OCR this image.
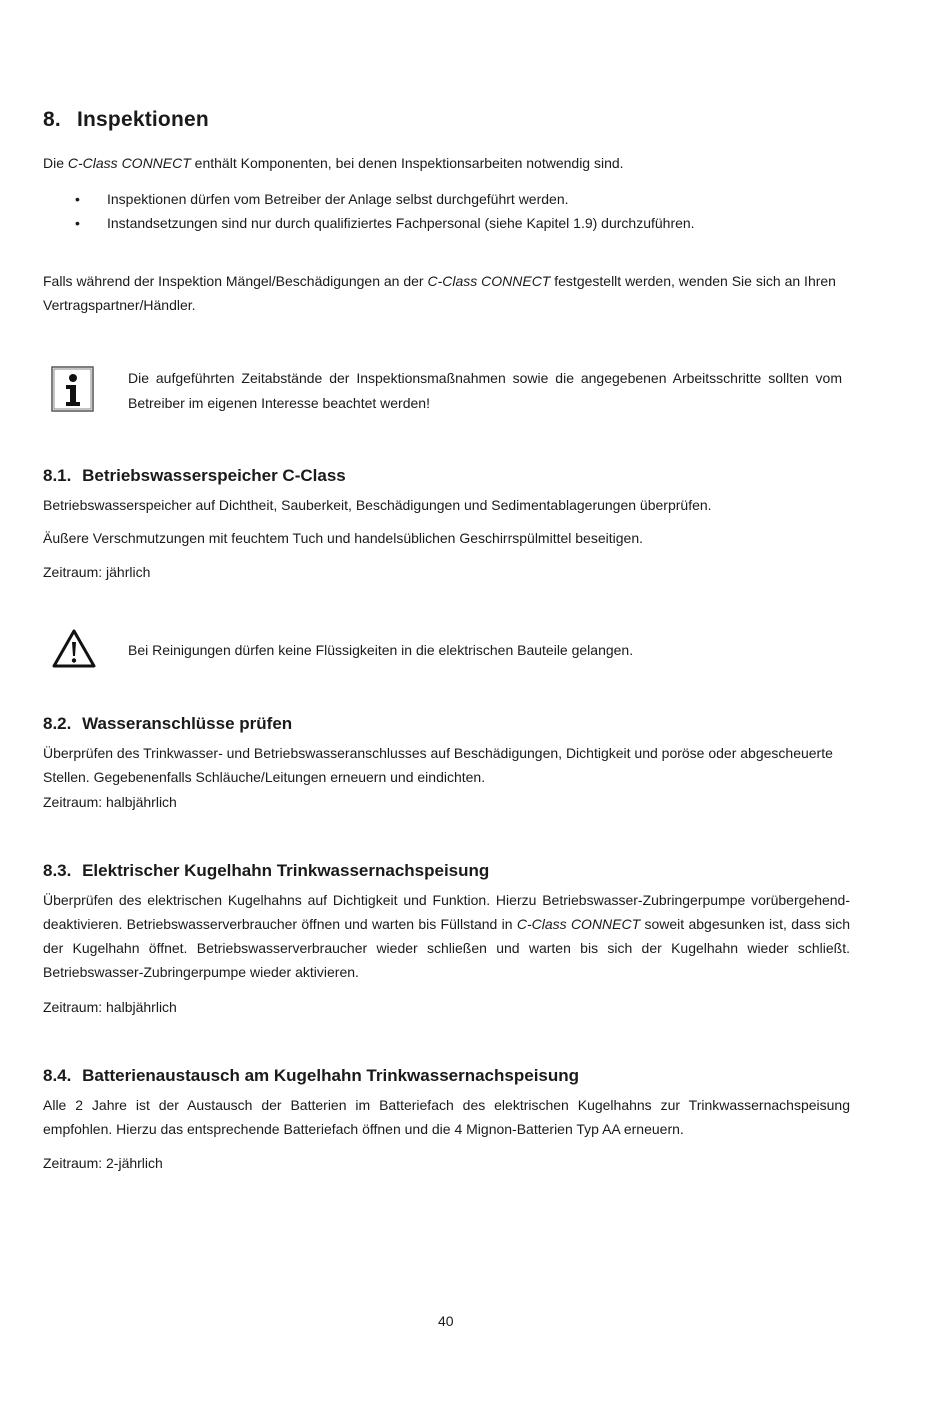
8. Inspektionen
Die C-Class CONNECT enthält Komponenten, bei denen Inspektionsarbeiten notwendig sind.
• Inspektionen dürfen vom Betreiber der Anlage selbst durchgeführt werden.
• Instandsetzungen sind nur durch qualifiziertes Fachpersonal (siehe Kapitel 1.9) durchzuführen.
Falls während der Inspektion Mängel/Beschädigungen an der C-Class CONNECT festgestellt werden, wenden Sie sich an Ihren Vertragspartner/Händler.
Die aufgeführten Zeitabstände der Inspektionsmaßnahmen sowie die angegebenen Arbeitsschritte sollten vom Betreiber im eigenen Interesse beachtet werden!
8.1. Betriebswasserspeicher C-Class
Betriebswasserspeicher auf Dichtheit, Sauberkeit, Beschädigungen und Sedimentablagerungen überprüfen.
Äußere Verschmutzungen mit feuchtem Tuch und handelsüblichen Geschirrspülmittel beseitigen.
Zeitraum: jährlich
Bei Reinigungen dürfen keine Flüssigkeiten in die elektrischen Bauteile gelangen.
8.2. Wasseranschlüsse prüfen
Überprüfen des Trinkwasser- und Betriebswasseranschlusses auf Beschädigungen, Dichtigkeit und poröse oder abgescheuerte Stellen. Gegebenenfalls Schläuche/Leitungen erneuern und eindichten.
Zeitraum: halbjährlich
8.3. Elektrischer Kugelhahn Trinkwassernachspeisung
Überprüfen des elektrischen Kugelhahns auf Dichtigkeit und Funktion. Hierzu Betriebswasser-Zubringerpumpe vorübergehend-deaktivieren. Betriebswasserverbraucher öffnen und warten bis Füllstand in C-Class CONNECT soweit abgesunken ist, dass sich der Kugelhahn öffnet. Betriebswasserverbraucher wieder schließen und warten bis sich der Kugelhahn wieder schließt. Betriebswasser-Zubringerpumpe wieder aktivieren.
Zeitraum: halbjährlich
8.4. Batterienaustausch am Kugelhahn Trinkwassernachspeisung
Alle 2 Jahre ist der Austausch der Batterien im Batteriefach des elektrischen Kugelhahns zur Trinkwassernachspeisung empfohlen. Hierzu das entsprechende Batteriefach öffnen und die 4 Mignon-Batterien Typ AA erneuern.
Zeitraum: 2-jährlich
40
